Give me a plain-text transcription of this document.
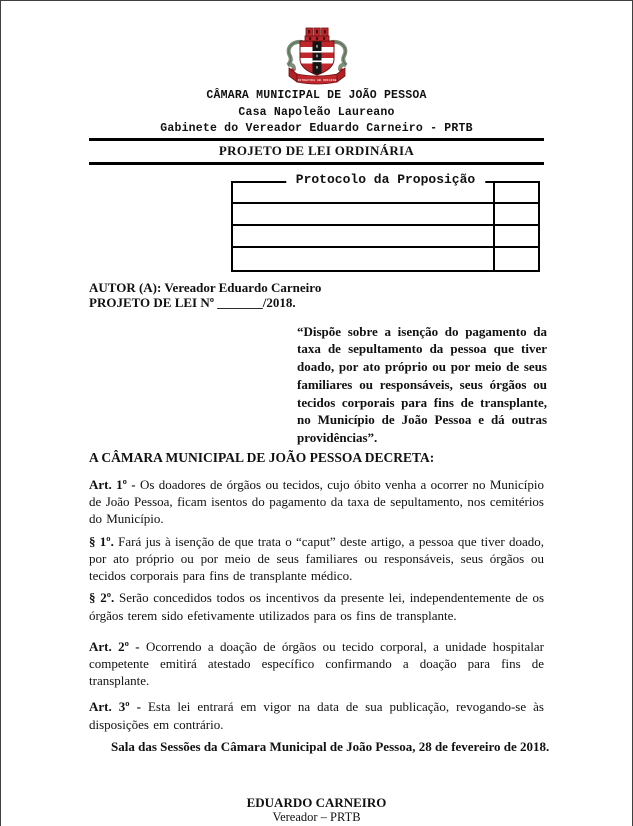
INTREPIDA AB ORIGINE
CÂMARA MUNICIPAL DE JOÃO PESSOA
Casa Napoleão Laureano
Gabinete do Vereador Eduardo Carneiro - PRTB
PROJETO DE LEI ORDINÁRIA
Protocolo da Proposição
AUTOR (A): Vereador Eduardo Carneiro
PROJETO DE LEI Nº _______/2018.

“Dispõe sobre a isenção do pagamento da taxa de sepultamento da pessoa que tiver doado, por ato próprio ou por meio de seus familiares ou responsáveis, seus órgãos ou tecidos corporais para fins de transplante, no Município de João Pessoa e dá outras providências”.

A CÂMARA MUNICIPAL DE JOÃO PESSOA DECRETA:

Art. 1º - Os doadores de órgãos ou tecidos, cujo óbito venha a ocorrer no Município de João Pessoa, ficam isentos do pagamento da taxa de sepultamento, nos cemitérios do Município.

§ 1º. Fará jus à isenção de que trata o “caput” deste artigo, a pessoa que tiver doado, por ato próprio ou por meio de seus familiares ou responsáveis, seus órgãos ou tecidos corporais para fins de transplante médico.

§ 2º. Serão concedidos todos os incentivos da presente lei, independentemente de os órgãos terem sido efetivamente utilizados para os fins de transplante.

Art. 2º - Ocorrendo a doação de órgãos ou tecido corporal, a unidade hospitalar competente emitirá atestado específico confirmando a doação para fins de transplante.

Art. 3º - Esta lei entrará em vigor na data de sua publicação, revogando-se às disposições em contrário.

Sala das Sessões da Câmara Municipal de João Pessoa, 28 de fevereiro de 2018.

EDUARDO CARNEIRO
Vereador – PRTB
